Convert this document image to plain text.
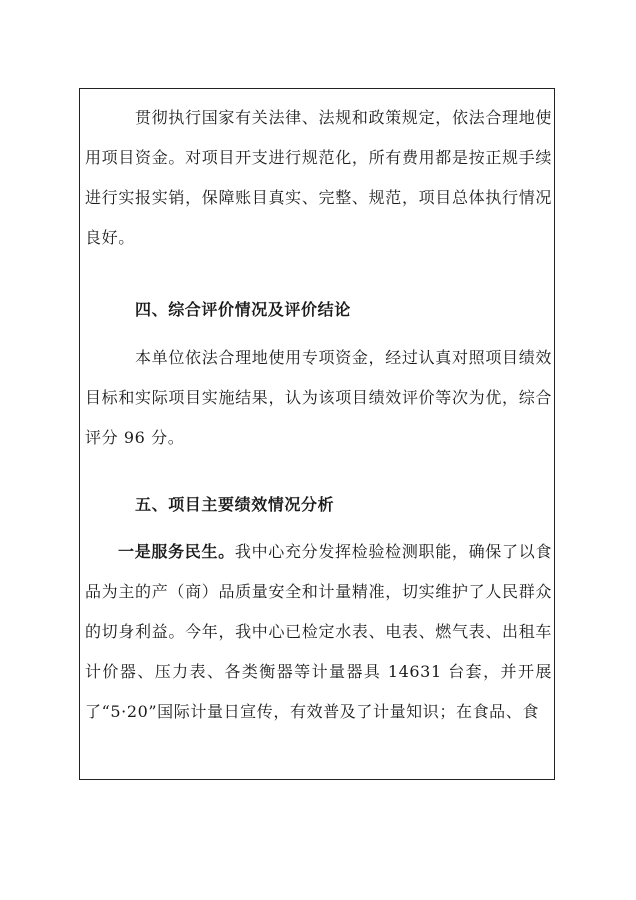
贯彻执行国家有关法律、法规和政策规定，依法合理地使用项目资金。对项目开支进行规范化，所有费用都是按正规手续进行实报实销，保障账目真实、完整、规范，项目总体执行情况良好。

四、综合评价情况及评价结论

本单位依法合理地使用专项资金，经过认真对照项目绩效目标和实际项目实施结果，认为该项目绩效评价等次为优，综合评分 96 分。

五、项目主要绩效情况分析

一是服务民生。我中心充分发挥检验检测职能，确保了以食品为主的产（商）品质量安全和计量精准，切实维护了人民群众的切身利益。今年，我中心已检定水表、电表、燃气表、出租车计价器、压力表、各类衡器等计量器具 14631 台套，并开展了“5·20”国际计量日宣传，有效普及了计量知识；在食品、食
